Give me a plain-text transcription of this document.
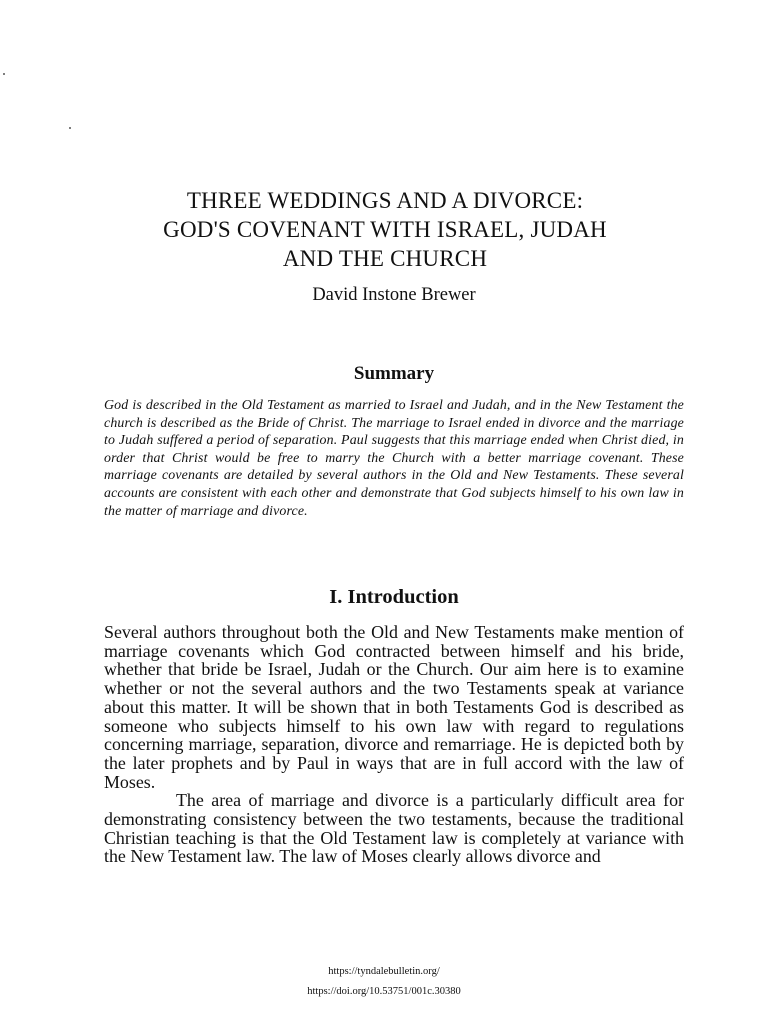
THREE WEDDINGS AND A DIVORCE:
GOD'S COVENANT WITH ISRAEL, JUDAH
AND THE CHURCH
David Instone Brewer
Summary
God is described in the Old Testament as married to Israel and Judah, and in the New Testament the church is described as the Bride of Christ. The marriage to Israel ended in divorce and the marriage to Judah suffered a period of separation. Paul suggests that this marriage ended when Christ died, in order that Christ would be free to marry the Church with a better marriage covenant. These marriage covenants are detailed by several authors in the Old and New Testaments. These several accounts are consistent with each other and demonstrate that God subjects himself to his own law in the matter of marriage and divorce.
I. Introduction

Several authors throughout both the Old and New Testaments make mention of marriage covenants which God contracted between himself and his bride, whether that bride be Israel, Judah or the Church. Our aim here is to examine whether or not the several authors and the two Testaments speak at variance about this matter. It will be shown that in both Testaments God is described as someone who subjects himself to his own law with regard to regulations concerning marriage, separation, divorce and remarriage. He is depicted both by the later prophets and by Paul in ways that are in full accord with the law of Moses.

The area of marriage and divorce is a particularly difficult area for demonstrating consistency between the two testaments, because the traditional Christian teaching is that the Old Testament law is completely at variance with the New Testament law. The law of Moses clearly allows divorce and

https://tyndalebulletin.org/
https://doi.org/10.53751/001c.30380
